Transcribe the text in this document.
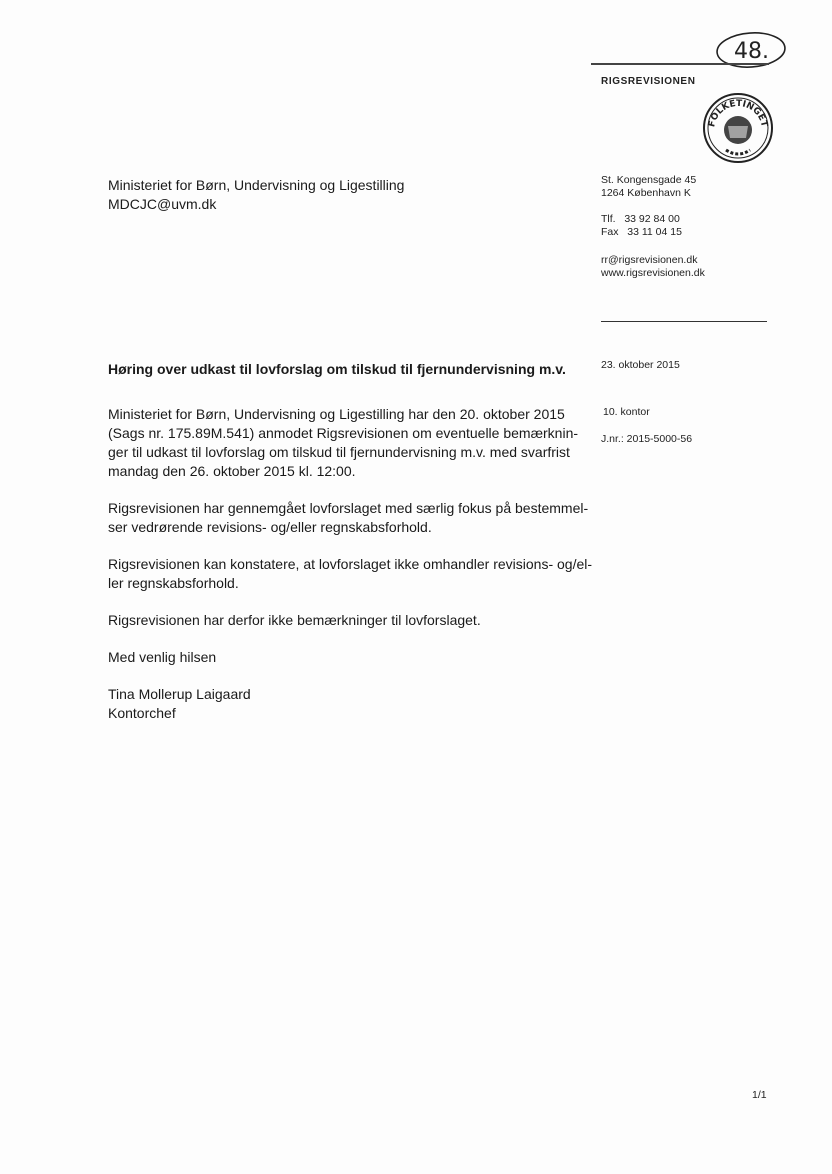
48.
RIGSREVISIONEN
FOLKETINGET
Ministeriet for Børn, Undervisning og Ligestilling
MDCJC@uvm.dk
St. Kongensgade 45
1264 København K
Tlf.   33 92 84 00
Fax   33 11 04 15
rr@rigsrevisionen.dk
www.rigsrevisionen.dk
Høring over udkast til lovforslag om tilskud til fjernundervisning m.v.	23. oktober 2015
10. kontor
J.nr.: 2015-5000-56
Ministeriet for Børn, Undervisning og Ligestilling har den 20. oktober 2015
(Sags nr. 175.89M.541) anmodet Rigsrevisionen om eventuelle bemærknin-
ger til udkast til lovforslag om tilskud til fjernundervisning m.v. med svarfrist
mandag den 26. oktober 2015 kl. 12:00.
Rigsrevisionen har gennemgået lovforslaget med særlig fokus på bestemmel-
ser vedrørende revisions- og/eller regnskabsforhold.
Rigsrevisionen kan konstatere, at lovforslaget ikke omhandler revisions- og/el-
ler regnskabsforhold.
Rigsrevisionen har derfor ikke bemærkninger til lovforslaget.
Med venlig hilsen
Tina Mollerup Laigaard
Kontorchef
1/1
